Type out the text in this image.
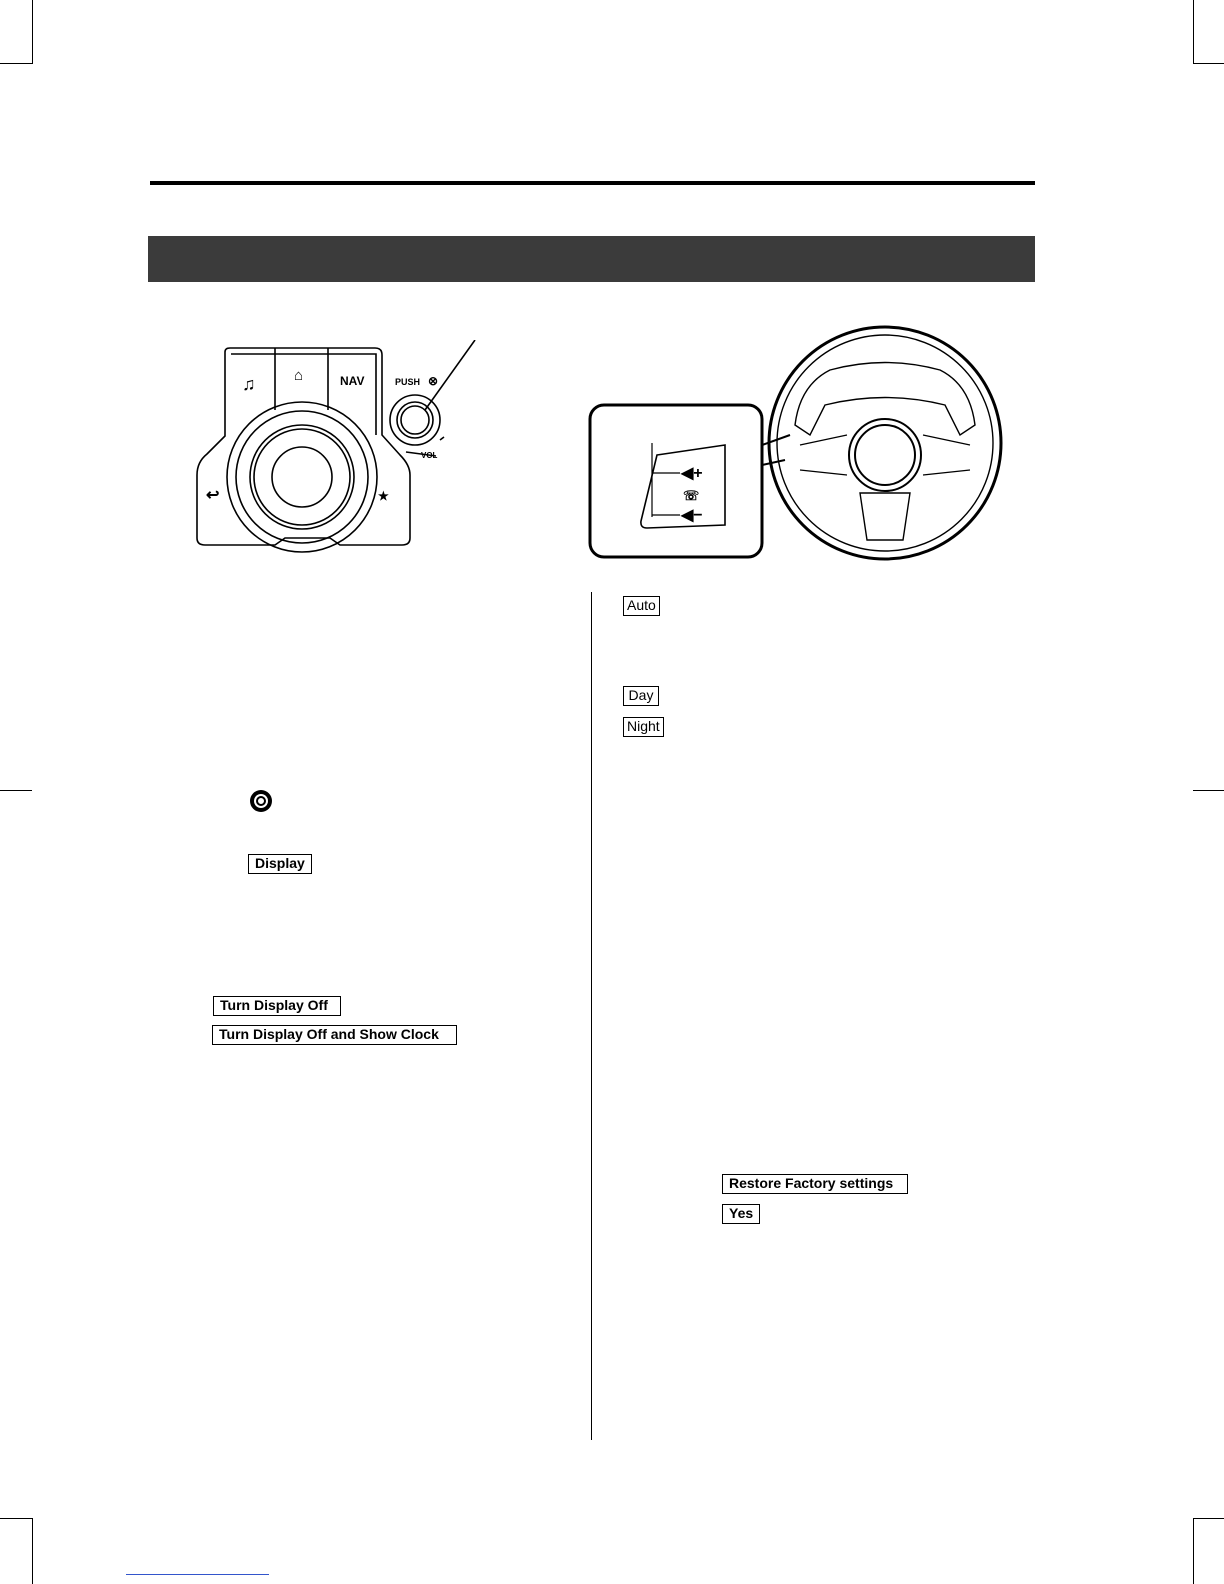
♫	⌂	NAV	PUSH ⊗
VOL
↩	★
◀+
☏
◀−
Display
Turn Display Off
Turn Display Off and Show Clock
Auto
Day
Night
Restore Factory settings
Yes
